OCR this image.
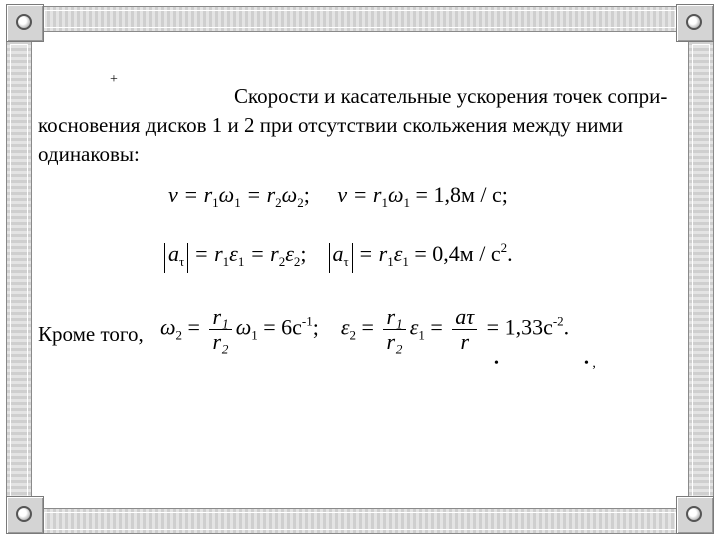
+
•	• ,
Скорости и касательные ускорения точек сопри-
косновения дисков 1 и 2 при отсутствии скольжения между ними
одинаковы:
$v = r_1\omega_1 = r_2\omega_2$; $v = r_1\omega_1 = 1,8м / c$;
$a_\tau = r_1\varepsilon_1 = r_2\varepsilon_2$; $a_\tau = r_1\varepsilon_1 = 0,4м / c^2$.
Кроме того, $\omega_2 = \frac{\text{r₁}}{\text{r₂}} \omega_1 = 6c^{-1}$; $\varepsilon_2 = \frac{\text{r₁}}{\text{r₂}} \varepsilon_1 = \frac{a\tau}{r} = 1,33c^{-2}$.
